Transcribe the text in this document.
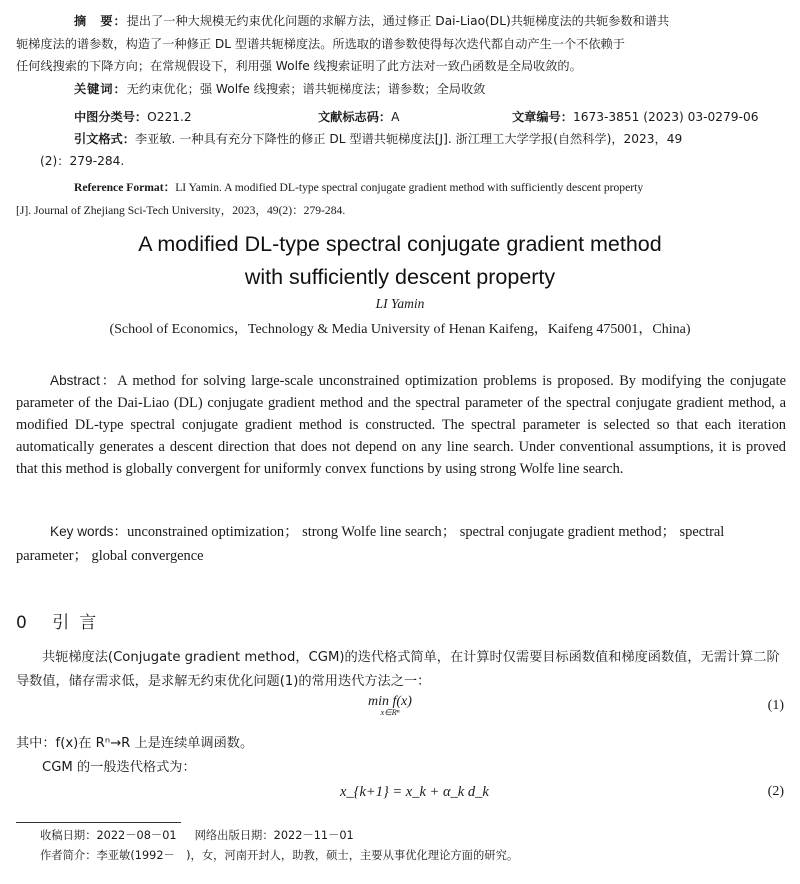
摘　要：提出了一种大规模无约束优化问题的求解方法，通过修正 Dai-Liao(DL)共轭梯度法的共轭参数和谱共
轭梯度法的谱参数，构造了一种修正 DL 型谱共轭梯度法。所选取的谱参数使得每次迭代都自动产生一个不依赖于
任何线搜索的下降方向；在常规假设下，利用强 Wolfe 线搜索证明了此方法对一致凸函数是全局收敛的。
关键词：无约束优化；强 Wolfe 线搜索；谱共轭梯度法；谱参数；全局收敛
中图分类号：O221.2	文献标志码：A	文章编号：1673-3851 (2023) 03-0279-06
引文格式：李亚敏. 一种具有充分下降性的修正 DL 型谱共轭梯度法[J]. 浙江理工大学学报(自然科学)，2023，49
(2)：279-284.
Reference Format：LI Yamin. A modified DL-type spectral conjugate gradient method with sufficiently descent property
[J]. Journal of Zhejiang Sci-Tech University，2023，49(2)：279-284.
A modified DL-type spectral conjugate gradient method
with sufficiently descent property
LI Yamin
(School of Economics，Technology & Media University of Henan Kaifeng，Kaifeng 475001，China)

Abstract：A method for solving large-scale unconstrained optimization problems is proposed. By modifying the conjugate parameter of the Dai-Liao (DL) conjugate gradient method and the spectral parameter of the spectral conjugate gradient method, a modified DL-type spectral conjugate gradient method is constructed. The spectral parameter is selected so that each iteration automatically generates a descent direction that does not depend on any line search. Under conventional assumptions, it is proved that this method is globally convergent for uniformly convex functions by using strong Wolfe line search.

Key words：unconstrained optimization； strong Wolfe line search； spectral conjugate gradient method； spectral parameter； global convergence

0 引言

共轭梯度法(Conjugate gradient method，CGM)的迭代格式简单，在计算时仅需要目标函数值和梯度函数值，无需计算二阶导数值，储存需求低，是求解无约束优化问题(1)的常用迭代方法之一：

min f(x)
x∈Rⁿ	(1)
其中：f(x)在 Rⁿ→R 上是连续单调函数。
CGM 的一般迭代格式为：
x_{k+1} = x_k + α_k d_k	(2)
收稿日期：2022－08－01 网络出版日期：2022－11－01
作者简介：李亚敏(1992－　)，女，河南开封人，助教，硕士，主要从事优化理论方面的研究。
